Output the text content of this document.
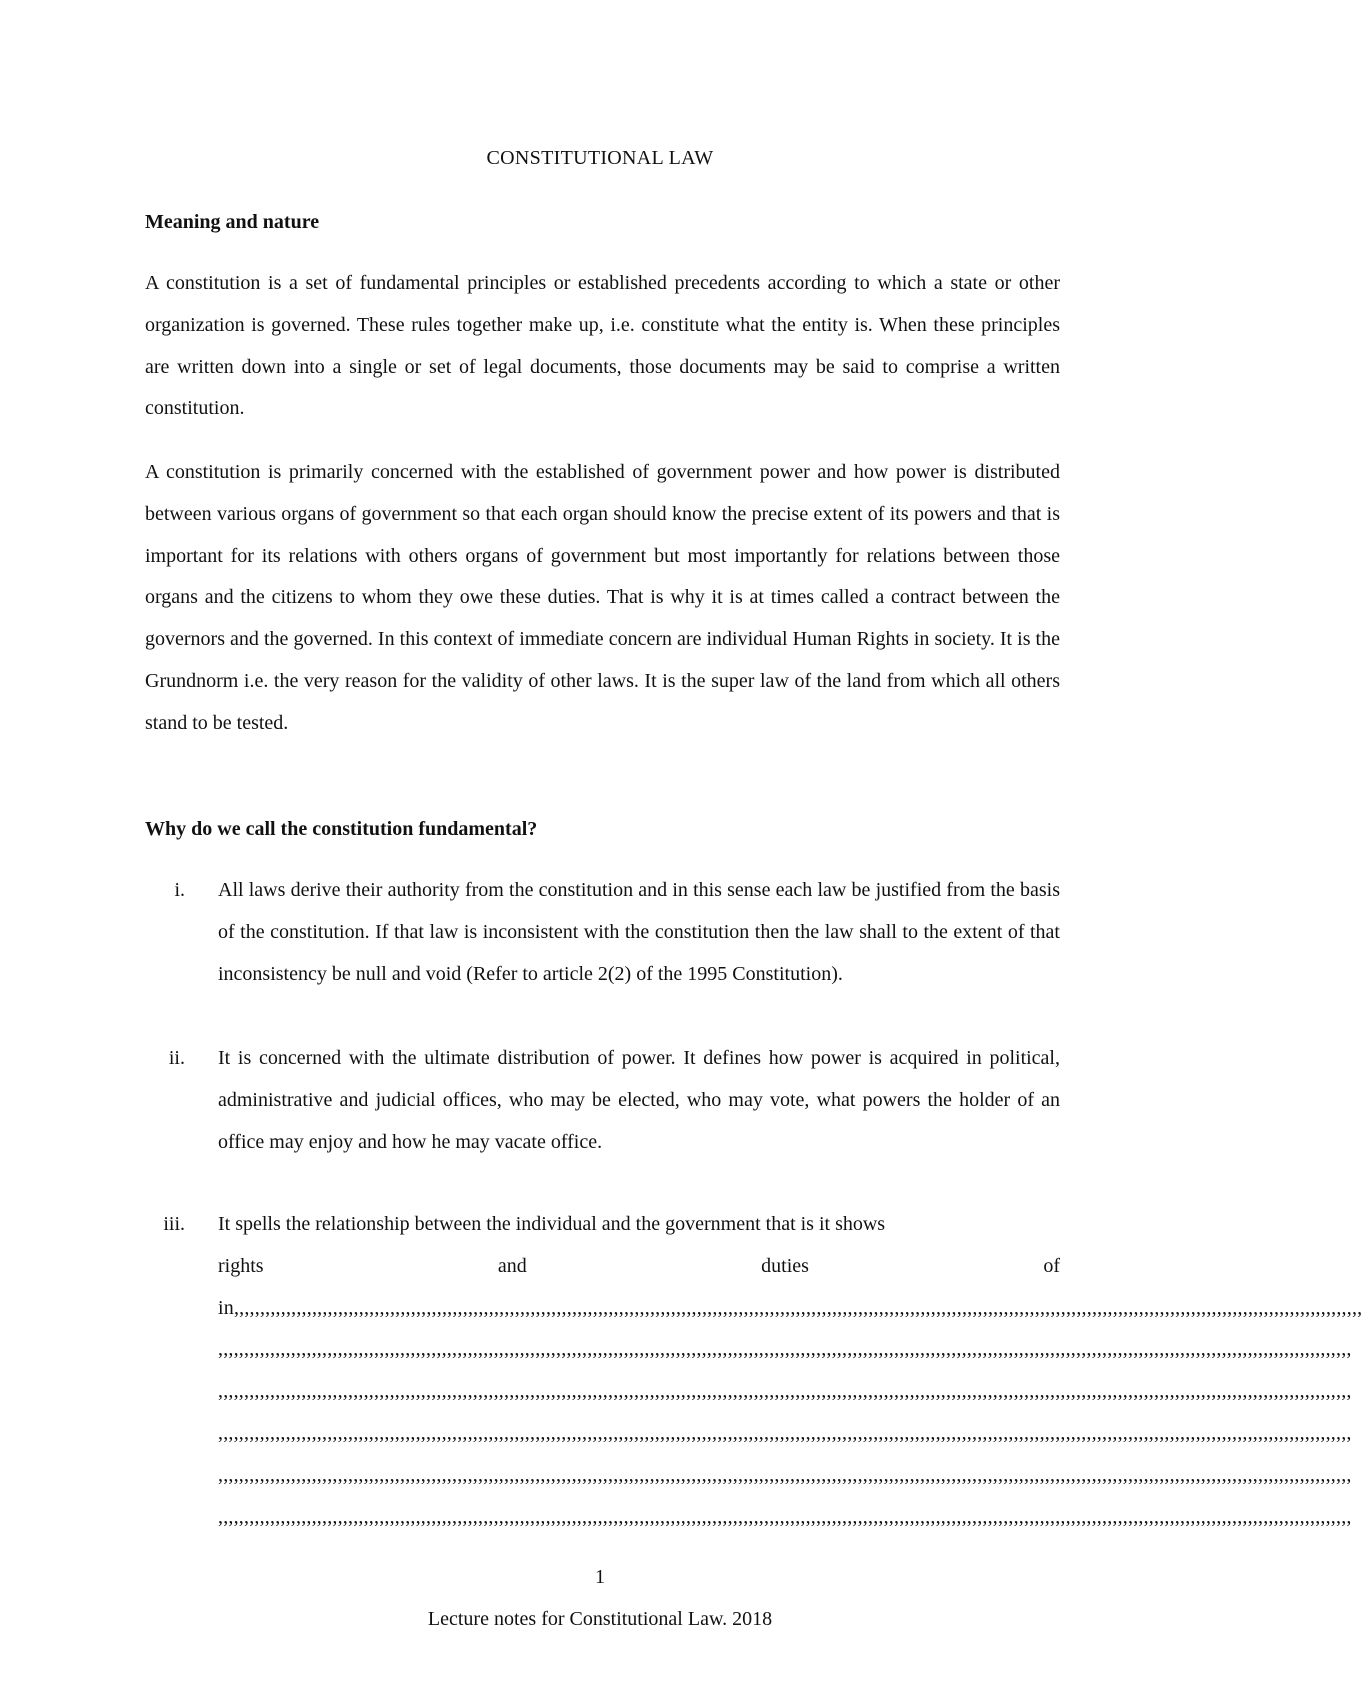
CONSTITUTIONAL LAW
Meaning and nature

A constitution is a set of fundamental principles or established precedents according to which a state or other organization is governed. These rules together make up, i.e. constitute what the entity is. When these principles are written down into a single or set of legal documents, those documents may be said to comprise a written constitution.

A constitution is primarily concerned with the established of government power and how power is distributed between various organs of government so that each organ should know the precise extent of its powers and that is important for its relations with others organs of government but most importantly for relations between those organs and the citizens to whom they owe these duties. That is why it is at times called a contract between the governors and the governed. In this context of immediate concern are individual Human Rights in society. It is the Grundnorm i.e. the very reason for the validity of other laws. It is the super law of the land from which all others stand to be tested.

Why do we call the constitution fundamental?
i. All laws derive their authority from the constitution and in this sense each law be justified from the basis of the constitution. If that law is inconsistent with the constitution then the law shall to the extent of that inconsistency be null and void (Refer to article 2(2) of the 1995 Constitution).
ii. It is concerned with the ultimate distribution of power. It defines how power is acquired in political, administrative and judicial offices, who may be elected, who may vote, what powers the holder of an office may enjoy and how he may vacate office.
iii. It spells the relationship between the individual and the government that is it shows
rights	and	duties	of
in,,,,,,,,,,,,,,,,,,,,,,,,,,,,,,,,,,,,,,,,,,,,,,,,,,,,,,,,,,,,,,,,,,,,,,,,,,,,,,,,,,,,,,,,,,,,,,,,,,,,,,,,,,,,,,,,,,,,,,,,,,,,,,,,,,,,,,,,,,,,,,,,,,,,,,,,,,,,,,,,,,,,,,,,,,,,,,,,,,,,,,,,,,,,,,,,,,,,,,,,,,,,,,,,,,,,,,,,,
,,,,,,,,,,,,,,,,,,,,,,,,,,,,,,,,,,,,,,,,,,,,,,,,,,,,,,,,,,,,,,,,,,,,,,,,,,,,,,,,,,,,,,,,,,,,,,,,,,,,,,,,,,,,,,,,,,,,,,,,,,,,,,,,,,,,,,,,,,,,,,,,,,,,,,,,,,,,,,,,,,,,,,,,,,,,,,,,,,,,,,,,,,,,,,,,,,,,,,,,,,,,,,,,,,,,,,,,,,
,,,,,,,,,,,,,,,,,,,,,,,,,,,,,,,,,,,,,,,,,,,,,,,,,,,,,,,,,,,,,,,,,,,,,,,,,,,,,,,,,,,,,,,,,,,,,,,,,,,,,,,,,,,,,,,,,,,,,,,,,,,,,,,,,,,,,,,,,,,,,,,,,,,,,,,,,,,,,,,,,,,,,,,,,,,,,,,,,,,,,,,,,,,,,,,,,,,,,,,,,,,,,,,,,,,,,,,,,,
,,,,,,,,,,,,,,,,,,,,,,,,,,,,,,,,,,,,,,,,,,,,,,,,,,,,,,,,,,,,,,,,,,,,,,,,,,,,,,,,,,,,,,,,,,,,,,,,,,,,,,,,,,,,,,,,,,,,,,,,,,,,,,,,,,,,,,,,,,,,,,,,,,,,,,,,,,,,,,,,,,,,,,,,,,,,,,,,,,,,,,,,,,,,,,,,,,,,,,,,,,,,,,,,,,,,,,,,,,
,,,,,,,,,,,,,,,,,,,,,,,,,,,,,,,,,,,,,,,,,,,,,,,,,,,,,,,,,,,,,,,,,,,,,,,,,,,,,,,,,,,,,,,,,,,,,,,,,,,,,,,,,,,,,,,,,,,,,,,,,,,,,,,,,,,,,,,,,,,,,,,,,,,,,,,,,,,,,,,,,,,,,,,,,,,,,,,,,,,,,,,,,,,,,,,,,,,,,,,,,,,,,,,,,,,,,,,,,,
,,,,,,,,,,,,,,,,,,,,,,,,,,,,,,,,,,,,,,,,,,,,,,,,,,,,,,,,,,,,,,,,,,,,,,,,,,,,,,,,,,,,,,,,,,,,,,,,,,,,,,,,,,,,,,,,,,,,,,,,,,,,,,,,,,,,,,,,,,,,,,,,,,,,,,,,,,,,,,,,,,,,,,,,,,,,,,,,,,,,,,,,,,,,,,,,,,,,,,,,,,,,,,,,,,,,,,,,,,
1
Lecture notes for Constitutional Law. 2018
